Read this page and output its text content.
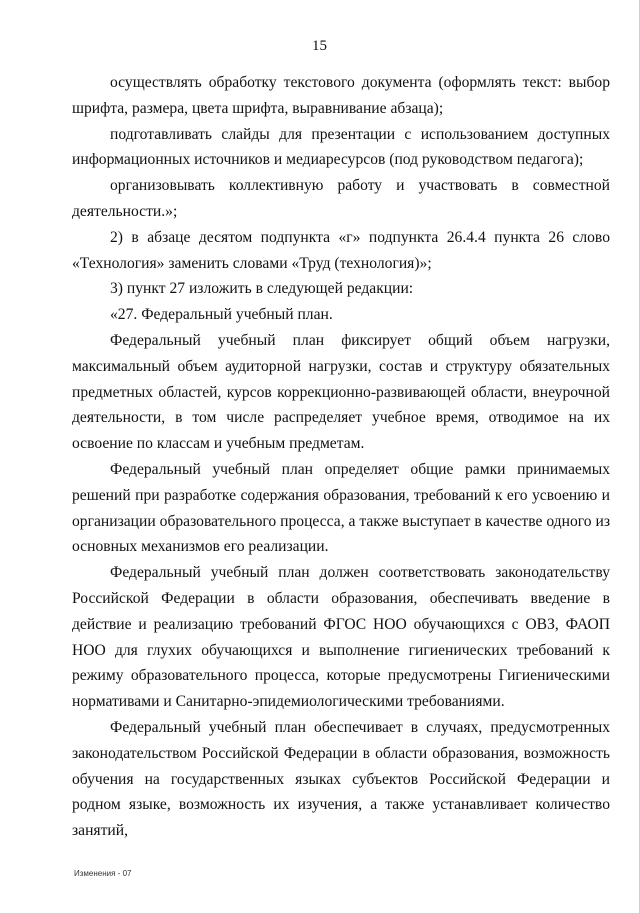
15

осуществлять обработку текстового документа (оформлять текст: выбор шрифта, размера, цвета шрифта, выравнивание абзаца);

подготавливать слайды для презентации с использованием доступных информационных источников и медиаресурсов (под руководством педагога);

организовывать коллективную работу и участвовать в совместной деятельности.»;

2) в абзаце десятом подпункта «г» подпункта 26.4.4 пункта 26 слово «Технология» заменить словами «Труд (технология)»;

3) пункт 27 изложить в следующей редакции:

«27. Федеральный учебный план.

Федеральный учебный план фиксирует общий объем нагрузки, максимальный объем аудиторной нагрузки, состав и структуру обязательных предметных областей, курсов коррекционно-развивающей области, внеурочной деятельности, в том числе распределяет учебное время, отводимое на их освоение по классам и учебным предметам.

Федеральный учебный план определяет общие рамки принимаемых решений при разработке содержания образования, требований к его усвоению и организации образовательного процесса, а также выступает в качестве одного из основных механизмов его реализации.

Федеральный учебный план должен соответствовать законодательству Российской Федерации в области образования, обеспечивать введение в действие и реализацию требований ФГОС НОО обучающихся с ОВЗ, ФАОП НОО для глухих обучающихся и выполнение гигиенических требований к режиму образовательного процесса, которые предусмотрены Гигиеническими нормативами и Санитарно-эпидемиологическими требованиями.

Федеральный учебный план обеспечивает в случаях, предусмотренных законодательством Российской Федерации в области образования, возможность обучения на государственных языках субъектов Российской Федерации и родном языке, возможность их изучения, а также устанавливает количество занятий,

Изменения - 07
